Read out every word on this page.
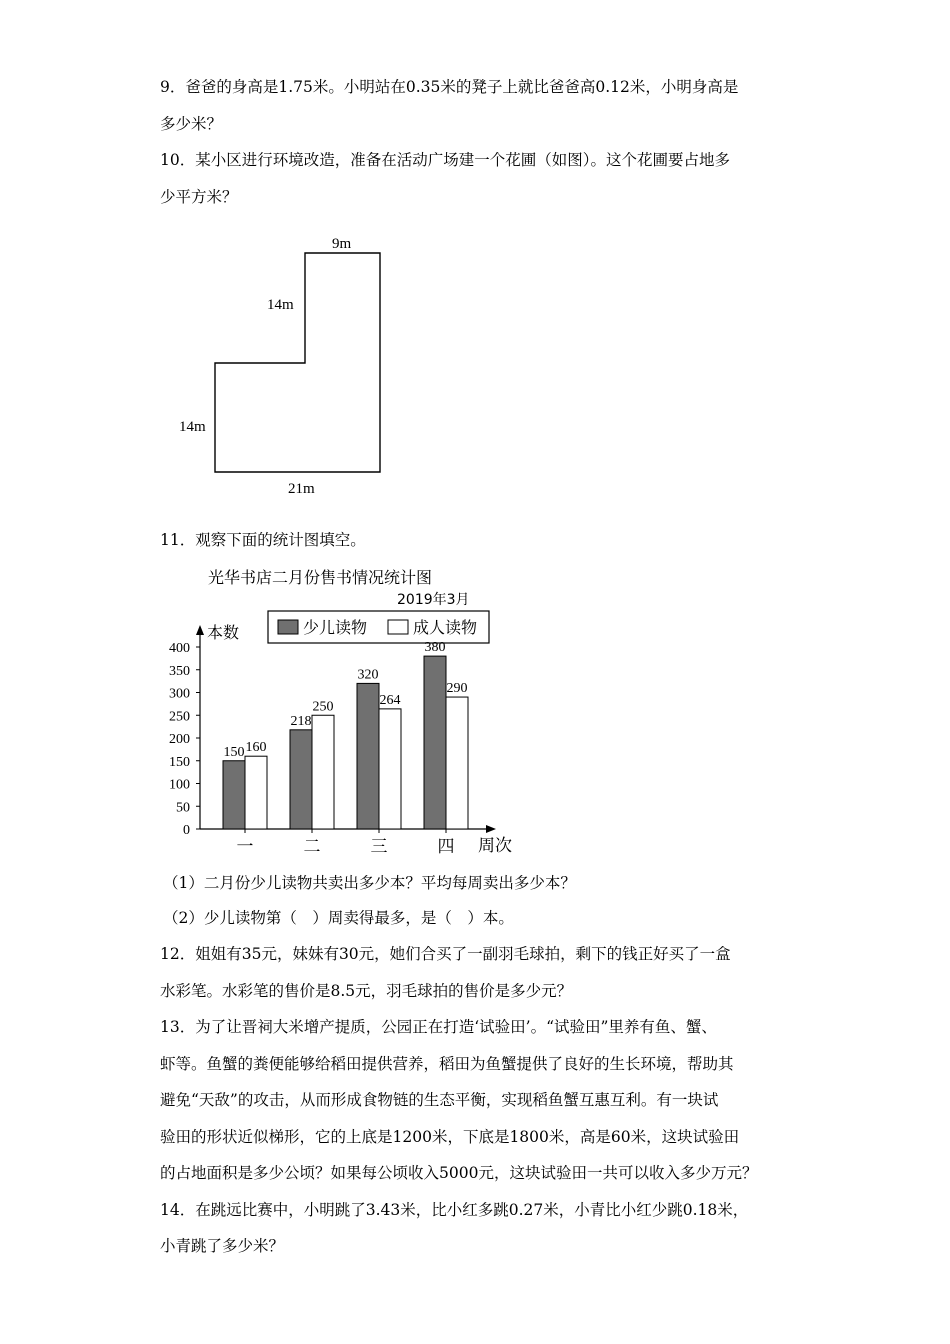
9．爸爸的身高是1.75米。小明站在0.35米的凳子上就比爸爸高0.12米，小明身高是
多少米？
10．某小区进行环境改造，准备在活动广场建一个花圃（如图）。这个花圃要占地多
少平方米？
9m
14m
14m
21m
11．观察下面的统计图填空。
光华书店二月份售书情况统计图
2019年3月
本数
周次
少儿读物	成人读物
0
50
100
150
200
250
300
350
400
150 160
一
218
250
二
320
264
三
380
290
四
（1）二月份少儿读物共卖出多少本？平均每周卖出多少本？
（2）少儿读物第（　）周卖得最多，是（　）本。
12．姐姐有35元，妹妹有30元，她们合买了一副羽毛球拍，剩下的钱正好买了一盒
水彩笔。水彩笔的售价是8.5元，羽毛球拍的售价是多少元？
13．为了让晋祠大米增产提质，公园正在打造‘试验田’。“试验田”里养有鱼、蟹、
虾等。鱼蟹的粪便能够给稻田提供营养，稻田为鱼蟹提供了良好的生长环境，帮助其
避免“天敌”的攻击，从而形成食物链的生态平衡，实现稻鱼蟹互惠互利。有一块试
验田的形状近似梯形，它的上底是1200米，下底是1800米，高是60米，这块试验田
的占地面积是多少公顷？如果每公顷收入5000元，这块试验田一共可以收入多少万元？
14．在跳远比赛中，小明跳了3.43米，比小红多跳0.27米，小青比小红少跳0.18米，
小青跳了多少米？
